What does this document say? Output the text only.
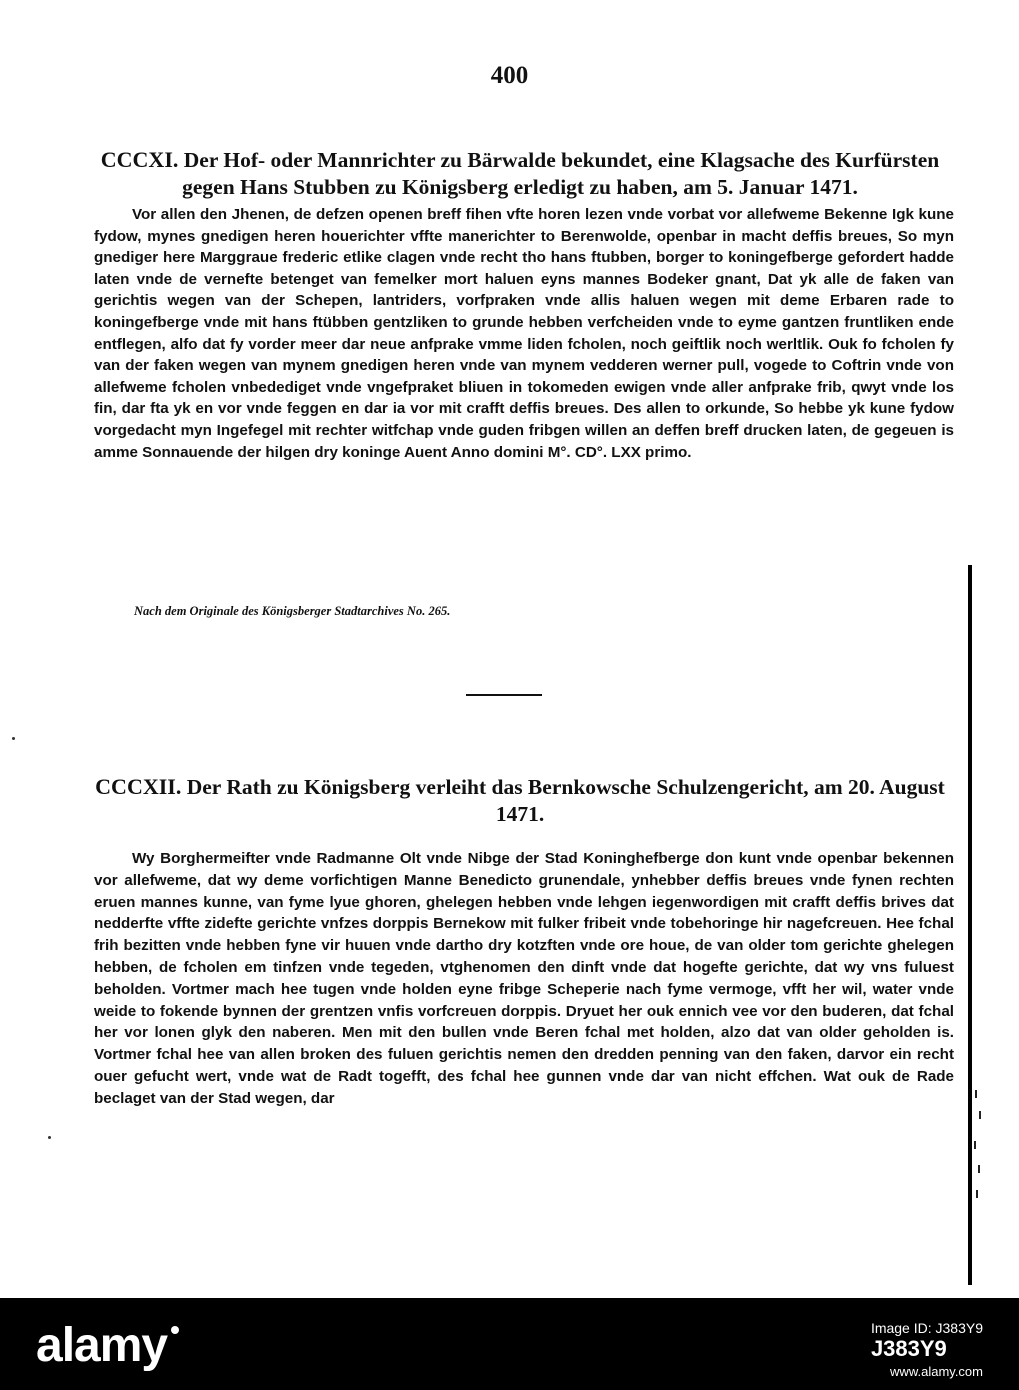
400
CCCXI. Der Hof- oder Mannrichter zu Bärwalde bekundet, eine Klagsache des Kurfürsten gegen Hans Stubben zu Königsberg erledigt zu haben, am 5. Januar 1471.
Vor allen den Jhenen, de defzen openen breff fihen vfte horen lezen vnde vorbat vor allefweme Bekenne Igk kune fydow, mynes gnedigen heren houerichter vffte manerichter to Berenwolde, openbar in macht deffis breues, So myn gnediger here Marggraue frederic etlike clagen vnde recht tho hans ftubben, borger to koningefberge gefordert hadde laten vnde de vernefte betenget van femelker mort haluen eyns mannes Bodeker gnant, Dat yk alle de faken van gerichtis wegen van der Schepen, lantriders, vorfpraken vnde allis haluen wegen mit deme Erbaren rade to koningefberge vnde mit hans ftübben gentzliken to grunde hebben verfcheiden vnde to eyme gantzen fruntliken ende entflegen, alfo dat fy vorder meer dar neue anfprake vmme liden fcholen, noch geiftlik noch werltlik. Ouk fo fcholen fy van der faken wegen van mynem gnedigen heren vnde van mynem vedderen werner pull, vogede to Coftrin vnde von allefweme fcholen vnbedediget vnde vngefpraket bliuen in tokomeden ewigen vnde aller anfprake frib, qwyt vnde los fin, dar fta yk en vor vnde feggen en dar ia vor mit crafft deffis breues. Des allen to orkunde, So hebbe yk kune fydow vorgedacht myn Ingefegel mit rechter witfchap vnde guden fribgen willen an deffen breff drucken laten, de gegeuen is amme Sonnauende der hilgen dry koninge Auent Anno domini M°. CD°. LXX primo.
Nach dem Originale des Königsberger Stadtarchives No. 265.
CCCXII. Der Rath zu Königsberg verleiht das Bernkowsche Schulzengericht, am 20. August 1471.
Wy Borghermeifter vnde Radmanne Olt vnde Nibge der Stad Koninghefberge don kunt vnde openbar bekennen vor allefweme, dat wy deme vorfichtigen Manne Benedicto grunendale, ynhebber deffis breues vnde fynen rechten eruen mannes kunne, van fyme lyue ghoren, ghelegen hebben vnde lehgen iegenwordigen mit crafft deffis brives dat nedderfte vffte zidefte gerichte vnfzes dorppis Bernekow mit fulker fribeit vnde tobehoringe hir nagefcreuen. Hee fchal frih bezitten vnde hebben fyne vir huuen vnde dartho dry kotzften vnde ore houe, de van older tom gerichte ghelegen hebben, de fcholen em tinfzen vnde tegeden, vtghenomen den dinft vnde dat hogefte gerichte, dat wy vns fuluest beholden. Vortmer mach hee tugen vnde holden eyne fribge Scheperie nach fyme vermoge, vfft her wil, water vnde weide to fokende bynnen der grentzen vnfis vorfcreuen dorppis. Dryuet her ouk ennich vee vor den buderen, dat fchal her vor lonen glyk den naberen. Men mit den bullen vnde Beren fchal met holden, alzo dat van older geholden is. Vortmer fchal hee van allen broken des fuluen gerichtis nemen den dredden penning van den faken, darvor ein recht ouer gefucht wert, vnde wat de Radt togefft, des fchal hee gunnen vnde dar van nicht effchen. Wat ouk de Rade beclaget van der Stad wegen, dar
alamy	Image ID: J383Y9
J383Y9
www.alamy.com
